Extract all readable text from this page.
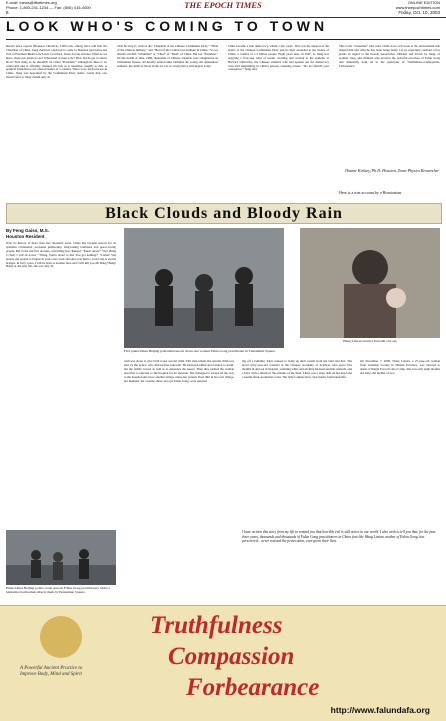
E-mail: inews@ithetimes.org
Phone: 1-800-241-1234 — Fax: (806) 415-4000	THE EPOCH TIMES	ONLINE EDITION
www.theepochtimes.com
8	Friday, Oct. 10, 2003
LOOK WHO'S COMING TO TOWN
Recent news reports (Houston Chronicle, CNN.com, others) have said that the Chairman of China, Jiang Zemin is expected to come to Houston just before his visit to President Bush's ranch near Crawford, Texas, in late October. What do we know about our guests-to-be? What kind of man is he? How did he get to where he is? First thing is, he shouldn't be called "President," although he likes to be called that and is officially changed his title so it translates roughly to that. A political President is not elected leader of a country. There is no such process in China. Jiang was appointed by the Communist Party elders. Given that, one should refer to Jiang Zemin only as
what he truly is, such as the "Chairman of the Chinese Communist Party," "Head of the Chinese military," and "Head of the Central Government in China." So we should call him "Chairman" or "Chief" of "Head" of China. But not "President." On the fourth of June, 1989, thousands of Chinese students were slaughtered on Tiananmen Square. An heavily-armed tanks trampled the young and defenseless students, the smell of blood in the air was so strong that it still lingers today.
China became a true democracy within a few years. This was the support of the elders of the Chinese Communist Party and he then ascended to the throne of China, a country of 1.3 billion people. Eight years later, in 1997, as Jiang was enjoying a five-year term of leader, strolling and waving at the students at Harvard University, the Chinese students who had spoken out for democracy were still languishing in China's prisons, enduring torture. "Do not disturb your conscience," Jiang said.
This is the "statesman" who rules China now. Let's look at the environment that shaped him and what he has done being lately. Let us especially consider a few points in regard to the bloody persecution, initiated and driven by Jiang, of women, men, and children who practice the peaceful exercises of Falun Gong and adamantly hold on to the principles of Truthfulness-Compassion-Forbearance.
Dianne Kirksey, Ph.D. Houston, Texas Physics Researcher
Here is a true account by a Houstonian.
Black Clouds and Bloody Rain
By Feng Gaiss, M.S.
Houston Resident
Over its history of more than five thousand years, China has become known for its splendid civilization, profound philosophy, long-lasting traditions and peace-loving people. But in the last five decades, everything has changed. "Knee! down!" "No! Bring a chair, I will sit down." "Wang, You're about to die! You got nothing?" "Listen! You people use people to litigate in your own crook and shot over him to avoid and to eat his bridges. In forty years, I will be back as another hero and I will kill you all! Bang! Bang! Bang! A tall tone fell, she was only 43.
Plainclothes Beijing police crack doweal Falun Gong practitioners while a uniformed policeman directs them in Tiananmen Square.
Five plainclothes Beijing policemen knock down one woman Falun Gong practitioner in Tiananmen Square.
with was about to give birth to her second child. This man whom she and the child was shot by the police, who declared her innocent. He had been killed and tortured to death, but the family vowed as well as to denounce the lesson. Then they pushed the woman and tried to take her to the hospital for an abortion. She managed to escape on the way to the hospital and ran to another village where her parents lived. But in her own village, her husband, her cousins, those also got Falun Gong, were arrested.
ing off a building. They refused to bring up their cousin from the land and that. The novel forty-year-old scientist at the Chinese Academy of Sciences who spent five months in and out in hospital, vomiting white and sticking his head and his stomach, and a baby with a sketch of the remains of the dead. There was a large dent on her head and a needle mark around her waist. The baby's ankles have clear marks from handcuffs.
Wang Lixuan and her 8 month old son.
On November 7, 2000, Wang Lixuan, a 27-year-old woman from Ganzhou County in Hainan Province, was tortured to death at Wanjia Forced Labor Camp. She was only eight months old baby and mother of two.
I have written this story from my life to remind you that horrible evil is still active in our world. I also wish to tell you that, for the past three years, thousands and thousands of Falun Gong practitioners in China (not like Wang Lixuan, mother of Falun Gong, has persevered... never resisted the persecution, even given their lives.
Truthfulness
Compassion
Forbearance
A Powerful Ancient Practice to Improve Body, Mind and Spirit
http://www.falundafa.org
